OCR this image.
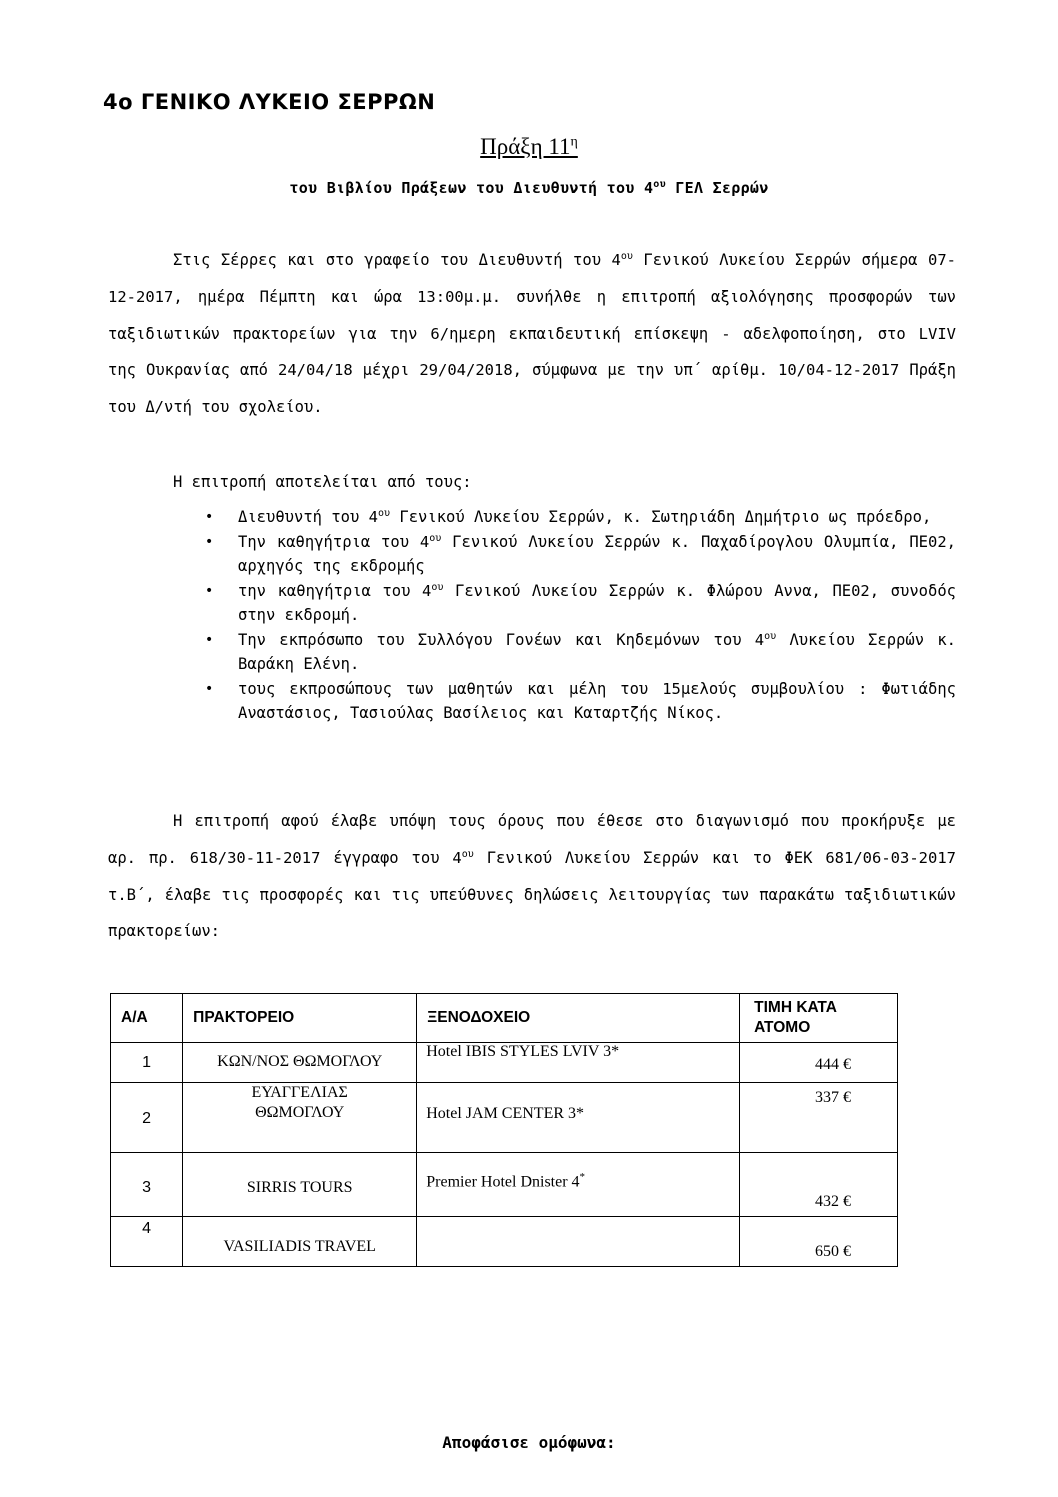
4ο ΓΕΝΙΚΟ ΛΥΚΕΙΟ ΣΕΡΡΩΝ
Πράξη $11^\eta$
του Βιβλίου Πράξεων του Διευθυντή του $4^{o\upsilon}$ ΓΕΛ Σερρών
Στις Σέρρες και στο γραφείο του Διευθυντή του $4^{o\upsilon}$ Γενικού Λυκείου Σερρών σήμερα 07-12-2017, ημέρα Πέμπτη και ώρα 13:00μ.μ. συνήλθε η επιτροπή αξιολόγησης προσφορών των ταξιδιωτικών πρακτορείων για την 6/ημερη εκπαιδευτική επίσκεψη - αδελφοποίηση, στο LVIV της Ουκρανίας από 24/04/18 μέχρι 29/04/2018, σύμφωνα με την υπ΄ αρίθμ. 10/04-12-2017 Πράξη του Δ/ντή του σχολείου.
Η επιτροπή αποτελείται από τους:
• Διευθυντή του $4^{o\upsilon}$ Γενικού Λυκείου Σερρών, κ. Σωτηριάδη Δημήτριο ως πρόεδρο,
• Την καθηγήτρια του $4^{o\upsilon}$ Γενικού Λυκείου Σερρών κ. Παχαδίρογλου Ολυμπία, ΠΕ02, αρχηγός της εκδρομής
• την καθηγήτρια του $4^{o\upsilon}$ Γενικού Λυκείου Σερρών κ. Φλώρου Αννα, ΠΕ02, συνοδός στην εκδρομή.
• Την εκπρόσωπο του Συλλόγου Γονέων και Κηδεμόνων του $4^{o\upsilon}$ Λυκείου Σερρών κ. Βαράκη Ελένη.
• τους εκπροσώπους των μαθητών και μέλη του 15μελούς συμβουλίου : Φωτιάδης Αναστάσιος, Τασιούλας Βασίλειος και Καταρτζής Νίκος.
Η επιτροπή αφού έλαβε υπόψη τους όρους που έθεσε στο διαγωνισμό που προκήρυξε με αρ. πρ. 618/30-11-2017 έγγραφο του $4^{o\upsilon}$ Γενικού Λυκείου Σερρών και το ΦΕΚ 681/06-03-2017 τ.Β΄, έλαβε τις προσφορές και τις υπεύθυνες δηλώσεις λειτουργίας των παρακάτω ταξιδιωτικών πρακτορείων:
Α/Α	ΠΡΑΚΤΟΡΕΙΟ	ΞΕΝΟΔΟΧΕΙΟ	ΤΙΜΗ ΚΑΤΑ
ΑΤΟΜΟ

1	ΚΩΝ/ΝΟΣ ΘΩΜΟΓΛΟΥ	Hotel IBIS STYLES LVIV 3*	444 €

2	ΕΥΑΓΓΕΛΙΑΣ
ΘΩΜΟΓΛΟΥ	Hotel JAM CENTER 3*	337 €

3	SIRRIS TOURS	Premier Hotel Dnister 4*	432 €

4	VASILIADIS TRAVEL		650 €
Αποφάσισε ομόφωνα:
